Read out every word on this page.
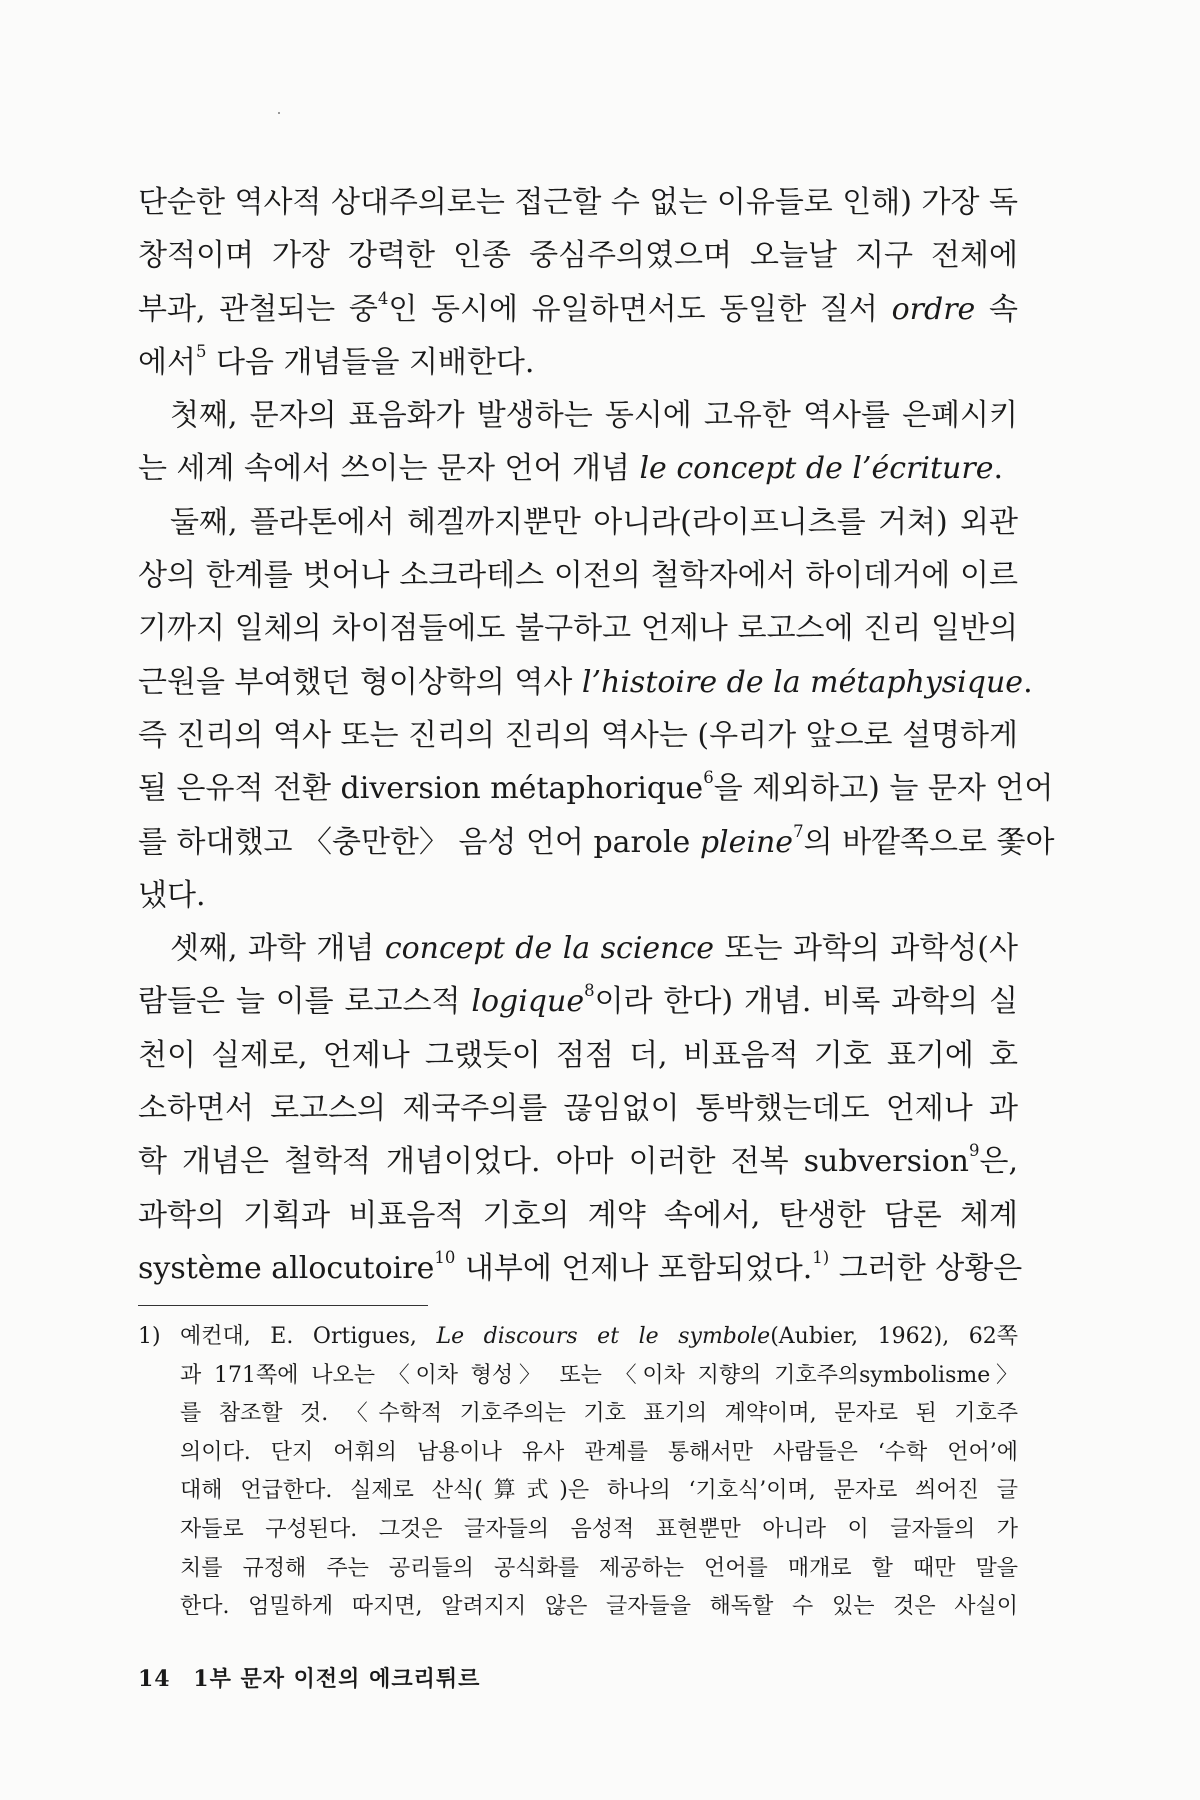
단순한 역사적 상대주의로는 접근할 수 없는 이유들로 인해) 가장 독
창적이며 가장 강력한 인종 중심주의였으며 오늘날 지구 전체에
부과, 관철되는 중$^4$인 동시에 유일하면서도 동일한 질서 ordre 속
에서$^5$ 다음 개념들을 지배한다.
첫째, 문자의 표음화가 발생하는 동시에 고유한 역사를 은폐시키
는 세계 속에서 쓰이는 문자 언어 개념 le concept de l’écriture.
둘째, 플라톤에서 헤겔까지뿐만 아니라(라이프니츠를 거쳐) 외관
상의 한계를 벗어나 소크라테스 이전의 철학자에서 하이데거에 이르
기까지 일체의 차이점들에도 불구하고 언제나 로고스에 진리 일반의
근원을 부여했던 형이상학의 역사 l’histoire de la métaphysique.
즉 진리의 역사 또는 진리의 진리의 역사는 (우리가 앞으로 설명하게
될 은유적 전환 diversion métaphorique$^6$을 제외하고) 늘 문자 언어
를 하대했고 〈충만한〉 음성 언어 parole pleine$^7$의 바깥쪽으로 쫓아
냈다.
셋째, 과학 개념 concept de la science 또는 과학의 과학성(사
람들은 늘 이를 로고스적 logique$^8$이라 한다) 개념. 비록 과학의 실
천이 실제로, 언제나 그랬듯이 점점 더, 비표음적 기호 표기에 호
소하면서 로고스의 제국주의를 끊임없이 통박했는데도 언제나 과
학 개념은 철학적 개념이었다. 아마 이러한 전복 subversion$^9$은,
과학의 기획과 비표음적 기호의 계약 속에서, 탄생한 담론 체계
système allocutoire$^{10}$ 내부에 언제나 포함되었다.$^{1)}$ 그러한 상황은
1) 예컨대, E. Ortigues, Le discours et le symbole(Aubier, 1962), 62쪽
과 171쪽에 나오는 〈이차 형성〉 또는 〈이차 지향의 기호주의symbolisme〉
를 참조할 것. 〈수학적 기호주의는 기호 표기의 계약이며, 문자로 된 기호주
의이다. 단지 어휘의 남용이나 유사 관계를 통해서만 사람들은 ‘수학 언어’에
대해 언급한다. 실제로 산식(算式)은 하나의 ‘기호식’이며, 문자로 씌어진 글
자들로 구성된다. 그것은 글자들의 음성적 표현뿐만 아니라 이 글자들의 가
치를 규정해 주는 공리들의 공식화를 제공하는 언어를 매개로 할 때만 말을
한다. 엄밀하게 따지면, 알려지지 않은 글자들을 해독할 수 있는 것은 사실이
14 1부 문자 이전의 에크리튀르
